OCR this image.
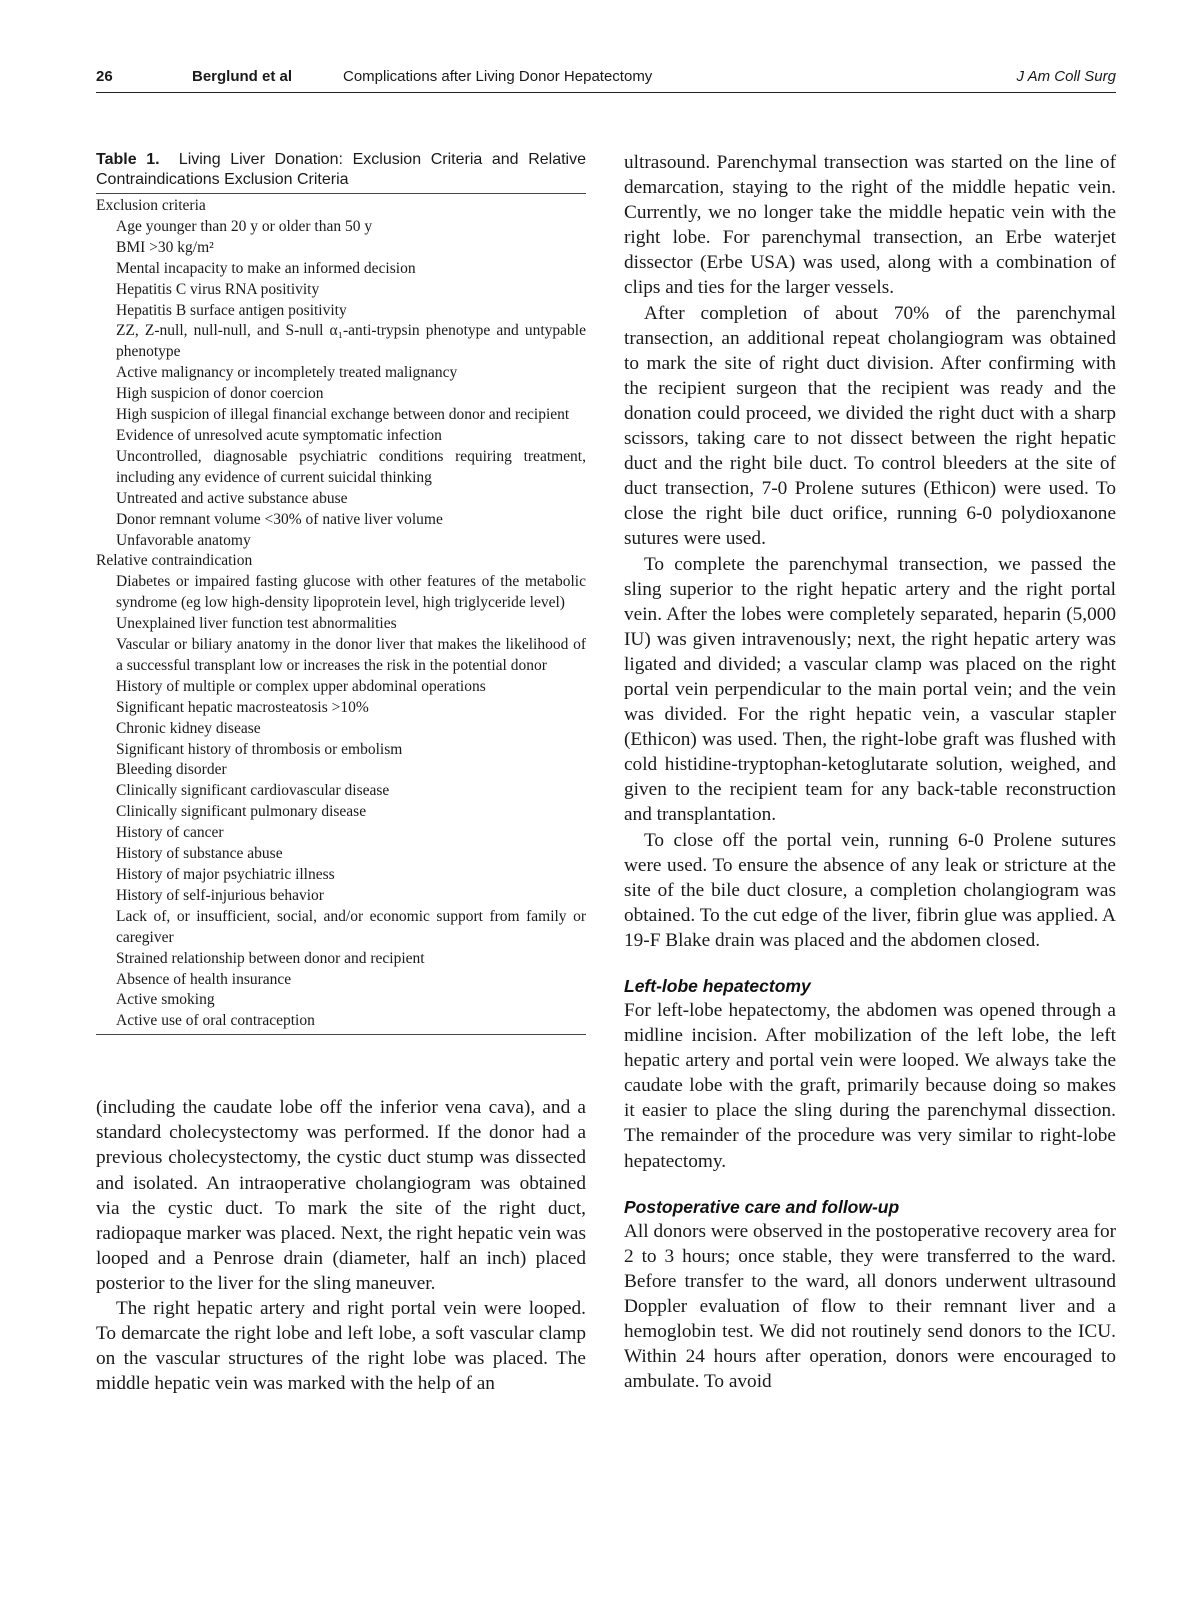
26	Berglund et al	Complications after Living Donor Hepatectomy	J Am Coll Surg
Table 1. Living Liver Donation: Exclusion Criteria and Relative Contraindications Exclusion Criteria
Exclusion criteria
Age younger than 20 y or older than 50 y
BMI >30 kg/m²
Mental incapacity to make an informed decision
Hepatitis C virus RNA positivity
Hepatitis B surface antigen positivity
ZZ, Z-null, null-null, and S-null α₁-anti-trypsin phenotype and untypable phenotype
Active malignancy or incompletely treated malignancy
High suspicion of donor coercion
High suspicion of illegal financial exchange between donor and recipient
Evidence of unresolved acute symptomatic infection
Uncontrolled, diagnosable psychiatric conditions requiring treatment, including any evidence of current suicidal thinking
Untreated and active substance abuse
Donor remnant volume <30% of native liver volume
Unfavorable anatomy
Relative contraindication
Diabetes or impaired fasting glucose with other features of the metabolic syndrome (eg low high-density lipoprotein level, high triglyceride level)
Unexplained liver function test abnormalities
Vascular or biliary anatomy in the donor liver that makes the likelihood of a successful transplant low or increases the risk in the potential donor
History of multiple or complex upper abdominal operations
Significant hepatic macrosteatosis >10%
Chronic kidney disease
Significant history of thrombosis or embolism
Bleeding disorder
Clinically significant cardiovascular disease
Clinically significant pulmonary disease
History of cancer
History of substance abuse
History of major psychiatric illness
History of self-injurious behavior
Lack of, or insufficient, social, and/or economic support from family or caregiver
Strained relationship between donor and recipient
Absence of health insurance
Active smoking
Active use of oral contraception

(including the caudate lobe off the inferior vena cava), and a standard cholecystectomy was performed. If the donor had a previous cholecystectomy, the cystic duct stump was dissected and isolated. An intraoperative cholangiogram was obtained via the cystic duct. To mark the site of the right duct, radiopaque marker was placed. Next, the right hepatic vein was looped and a Penrose drain (diameter, half an inch) placed posterior to the liver for the sling maneuver.

The right hepatic artery and right portal vein were looped. To demarcate the right lobe and left lobe, a soft vascular clamp on the vascular structures of the right lobe was placed. The middle hepatic vein was marked with the help of an

ultrasound. Parenchymal transection was started on the line of demarcation, staying to the right of the middle hepatic vein. Currently, we no longer take the middle hepatic vein with the right lobe. For parenchymal transection, an Erbe waterjet dissector (Erbe USA) was used, along with a combination of clips and ties for the larger vessels.

After completion of about 70% of the parenchymal transection, an additional repeat cholangiogram was obtained to mark the site of right duct division. After confirming with the recipient surgeon that the recipient was ready and the donation could proceed, we divided the right duct with a sharp scissors, taking care to not dissect between the right hepatic duct and the right bile duct. To control bleeders at the site of duct transection, 7-0 Prolene sutures (Ethicon) were used. To close the right bile duct orifice, running 6-0 polydioxanone sutures were used.

To complete the parenchymal transection, we passed the sling superior to the right hepatic artery and the right portal vein. After the lobes were completely separated, heparin (5,000 IU) was given intravenously; next, the right hepatic artery was ligated and divided; a vascular clamp was placed on the right portal vein perpendicular to the main portal vein; and the vein was divided. For the right hepatic vein, a vascular stapler (Ethicon) was used. Then, the right-lobe graft was flushed with cold histidine-tryptophan-ketoglutarate solution, weighed, and given to the recipient team for any back-table reconstruction and transplantation.

To close off the portal vein, running 6-0 Prolene sutures were used. To ensure the absence of any leak or stricture at the site of the bile duct closure, a completion cholangiogram was obtained. To the cut edge of the liver, fibrin glue was applied. A 19-F Blake drain was placed and the abdomen closed.

Left-lobe hepatectomy

For left-lobe hepatectomy, the abdomen was opened through a midline incision. After mobilization of the left lobe, the left hepatic artery and portal vein were looped. We always take the caudate lobe with the graft, primarily because doing so makes it easier to place the sling during the parenchymal dissection. The remainder of the procedure was very similar to right-lobe hepatectomy.

Postoperative care and follow-up

All donors were observed in the postoperative recovery area for 2 to 3 hours; once stable, they were transferred to the ward. Before transfer to the ward, all donors underwent ultrasound Doppler evaluation of flow to their remnant liver and a hemoglobin test. We did not routinely send donors to the ICU. Within 24 hours after operation, donors were encouraged to ambulate. To avoid
